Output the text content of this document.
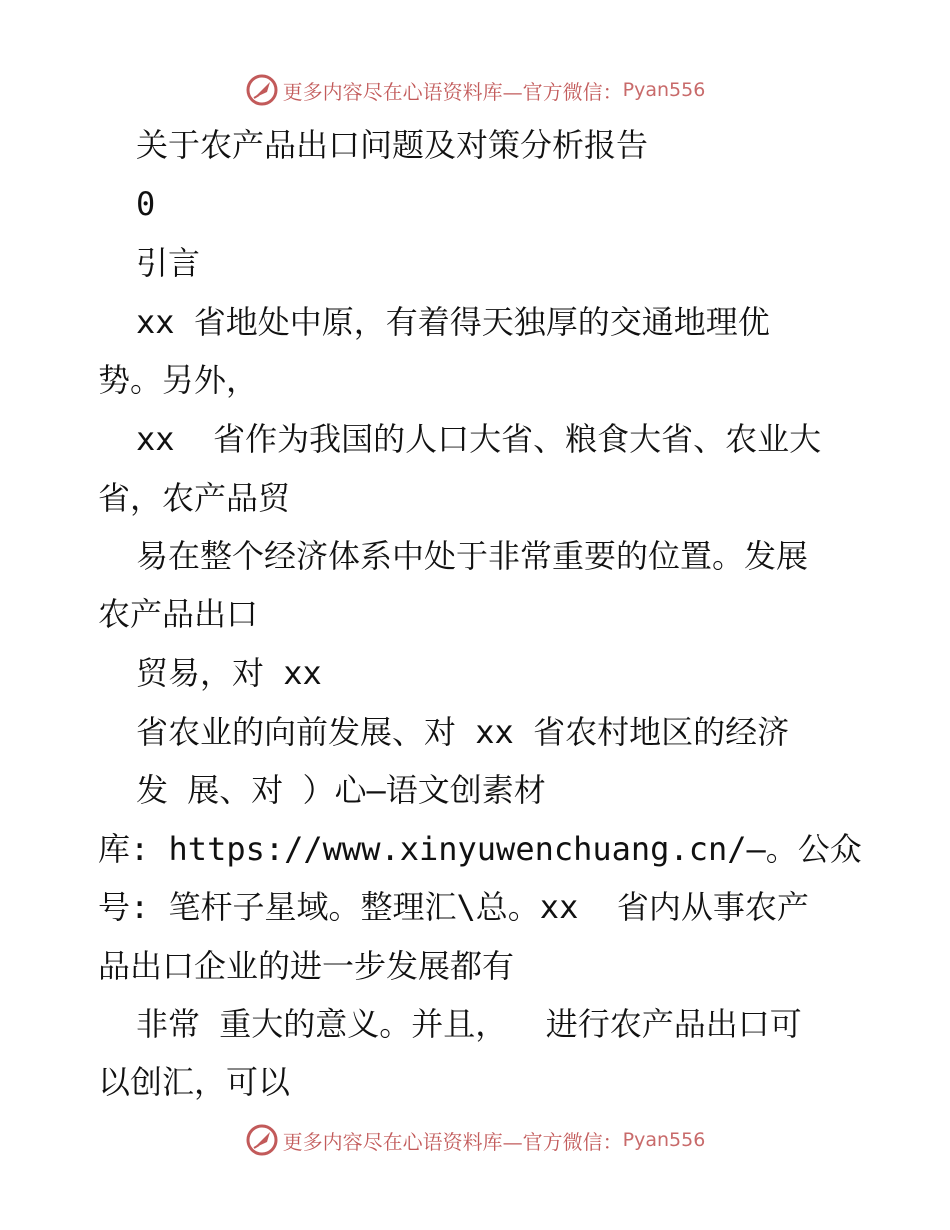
更多内容尽在心语资料库—官方微信： Pyan556
关于农产品出口问题及对策分析报告
0
引言
xx 省地处中原，有着得天独厚的交通地理优
势。另外，
xx  省作为我国的人口大省、粮食大省、农业大
省，农产品贸
易在整个经济体系中处于非常重要的位置。发展
农产品出口
贸易，对 xx
省农业的向前发展、对 xx 省农村地区的经济
发 展、对 ）心—语文创素材
库: https://www.xinyuwenchuang.cn/—。公众
号: 笔杆子星域。整理汇\总。xx  省内从事农产
品出口企业的进一步发展都有
非常 重大的意义。并且，  进行农产品出口可
以创汇，可以
更多内容尽在心语资料库—官方微信： Pyan556
